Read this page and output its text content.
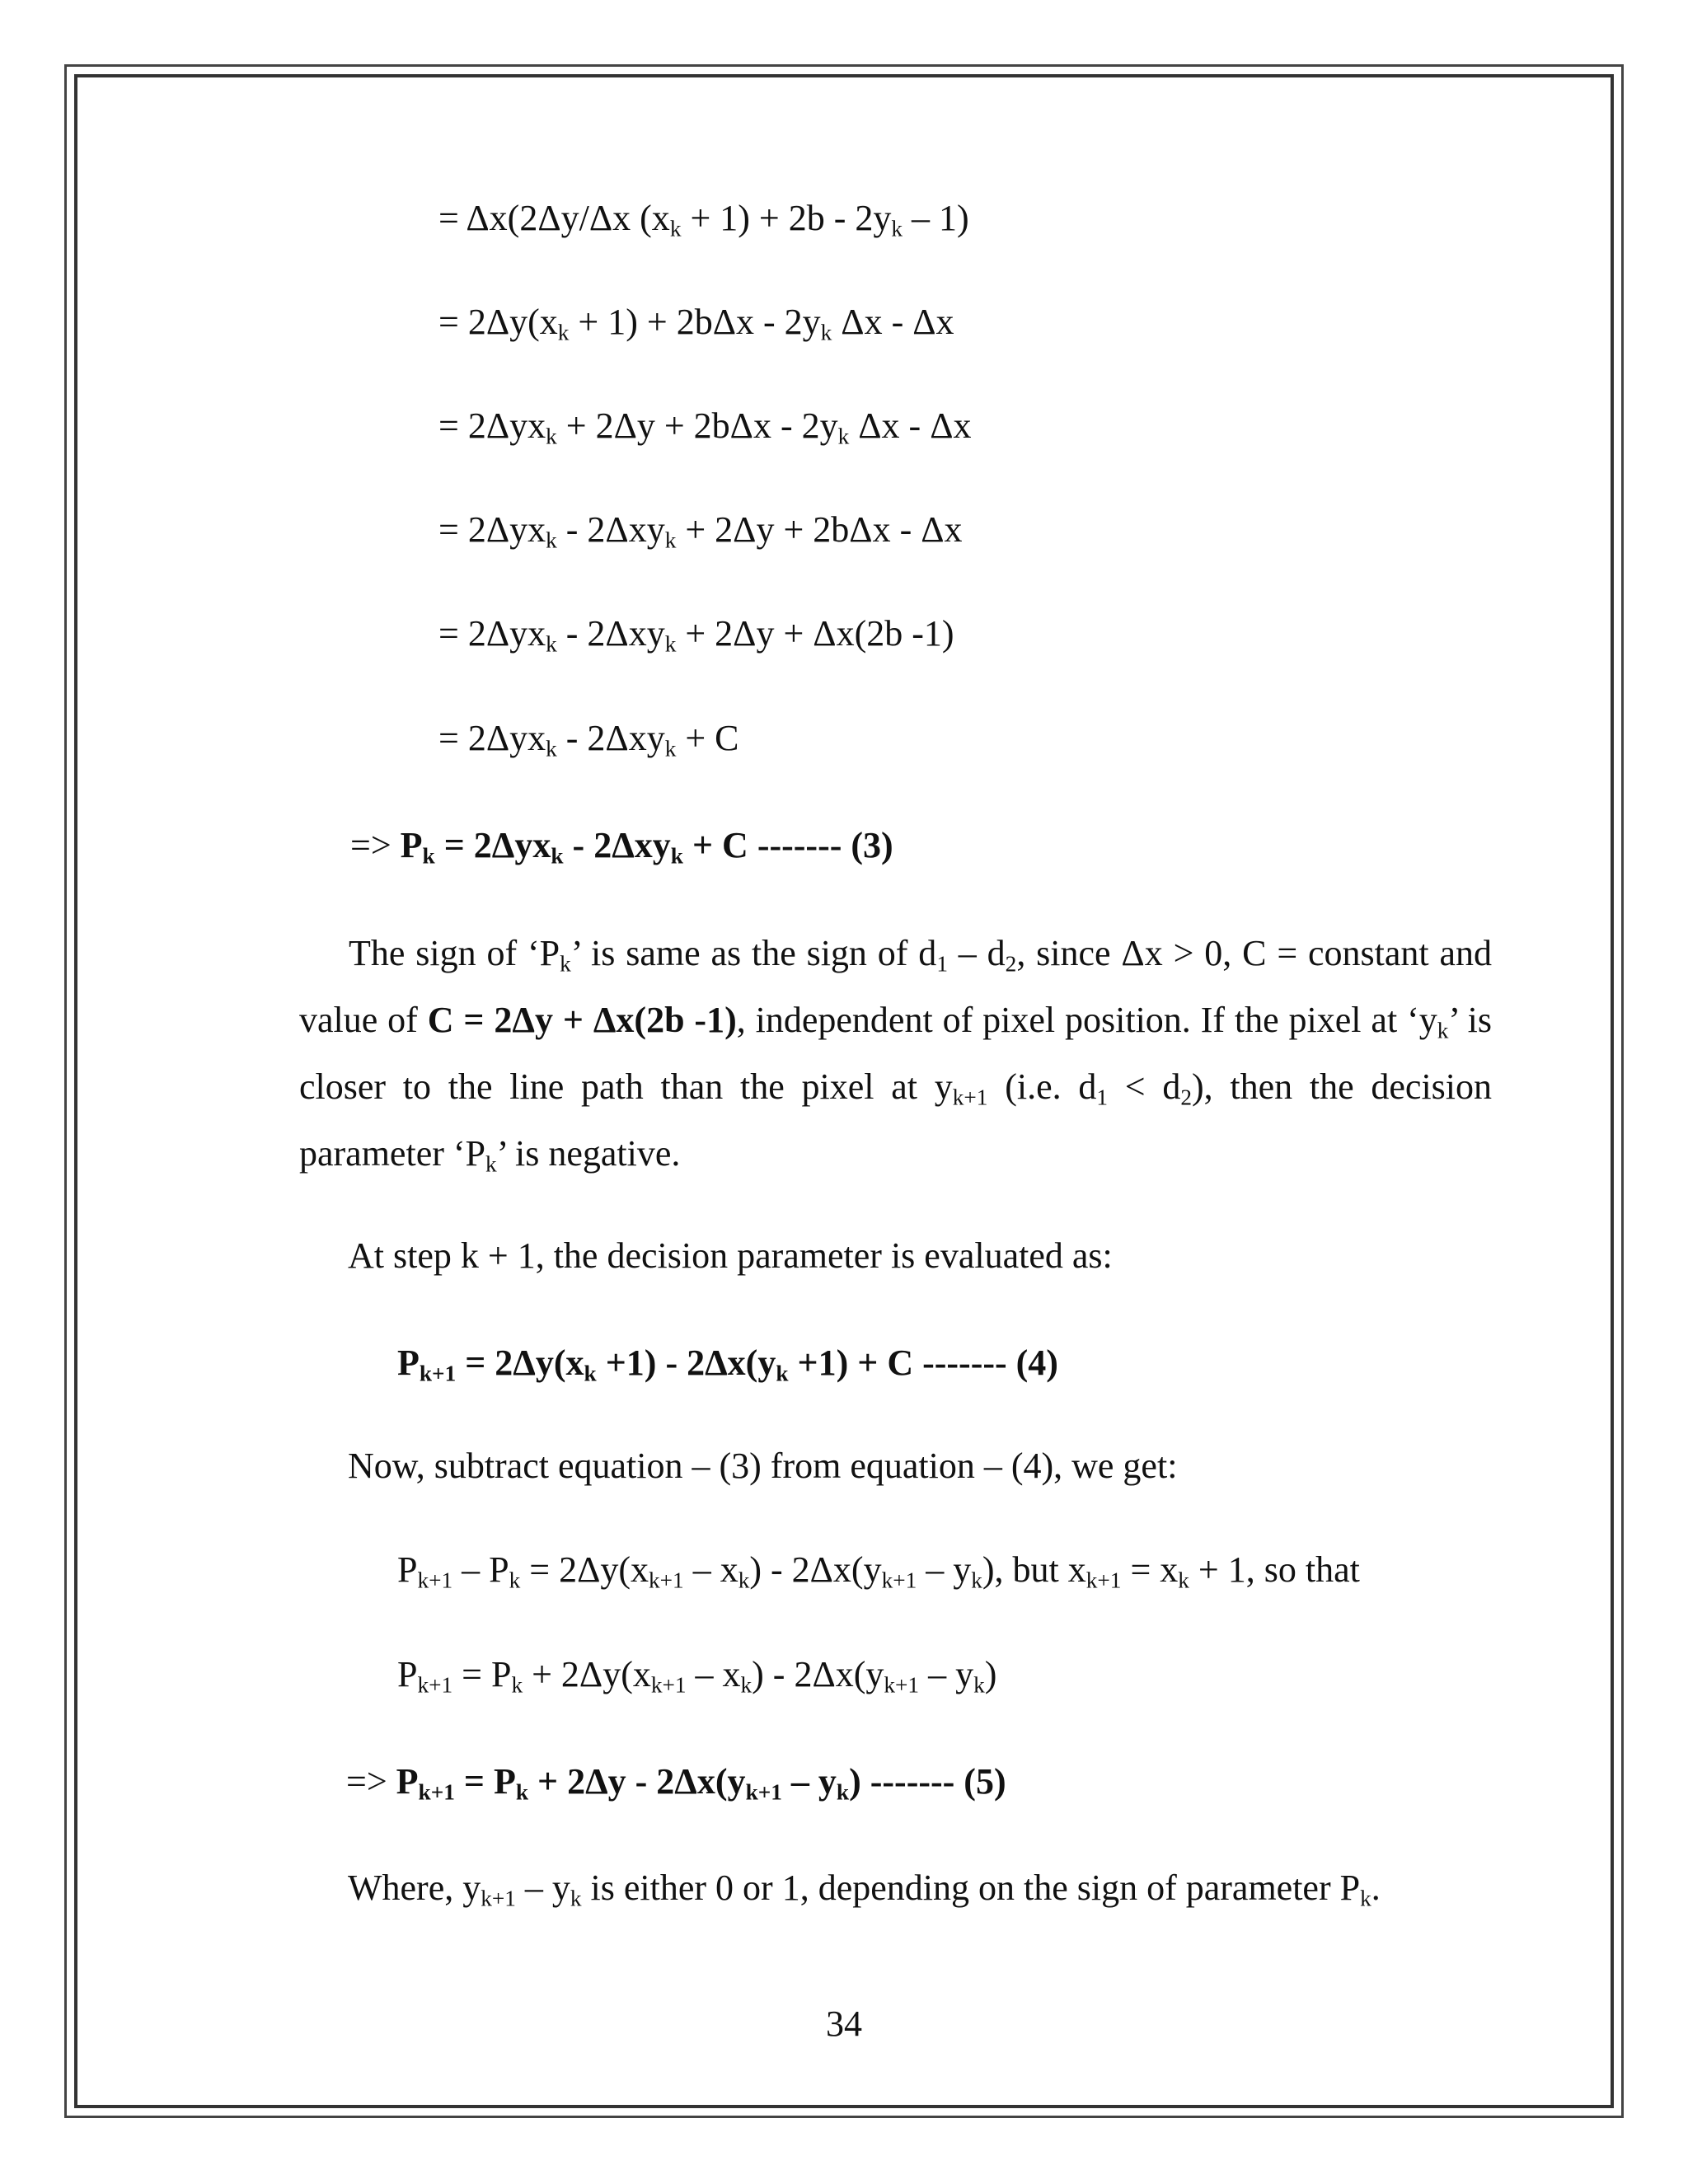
= Δx(2Δy/Δx $(x_k + 1) + 2b - 2y_k - 1$)
= $2\Delta y(x_k + 1) + 2b\Delta x - 2y_k$ Δx - Δx
= $2\Delta yx_k + 2\Delta y + 2b\Delta x - 2y_k$ Δx - Δx
= 2Δyx$_k$ - 2Δxy$_k$ + 2Δy + 2bΔx - Δx
= 2Δyx$_k$ - 2Δxy$_k$ + 2Δy + Δx(2b -1)
= 2Δyx$_k$ - 2Δxy$_k$ + C
=> $P_k = 2\Delta yx_k - 2\Delta xy_k + C$ ------- (3)
The sign of ‘$P_k$’ is same as the sign of $d_1 - d_2$, since Δx > 0, C = constant and value of C = 2Δy + Δx(2b -1), independent of pixel position. If the pixel at ‘$y_k$’ is closer to the line path than the pixel at $y_{k+1}$ (i.e. $d_1 < d_2$), then the decision parameter ‘$P_k$’ is negative.
At step k + 1, the decision parameter is evaluated as:
$P_{k+1} = 2\Delta y(x_k +1) - 2\Delta x(y_k +1) + C$ ------- (4)
Now, subtract equation – (3) from equation – (4), we get:
$P_{k+1} - P_k = 2\Delta y(x_{k+1} - x_k) - 2\Delta x(y_{k+1} - y_k)$, but $x_{k+1} = x_k + 1$, so that
$P_{k+1} = P_k + 2\Delta y(x_{k+1} - x_k) - 2\Delta x(y_{k+1} - y_k)$
=> $P_{k+1} = P_k + 2\Delta y - 2\Delta x(y_{k+1} - y_k)$ ------- (5)
Where, $y_{k+1} - y_k$ is either 0 or 1, depending on the sign of parameter $P_k$.
34
